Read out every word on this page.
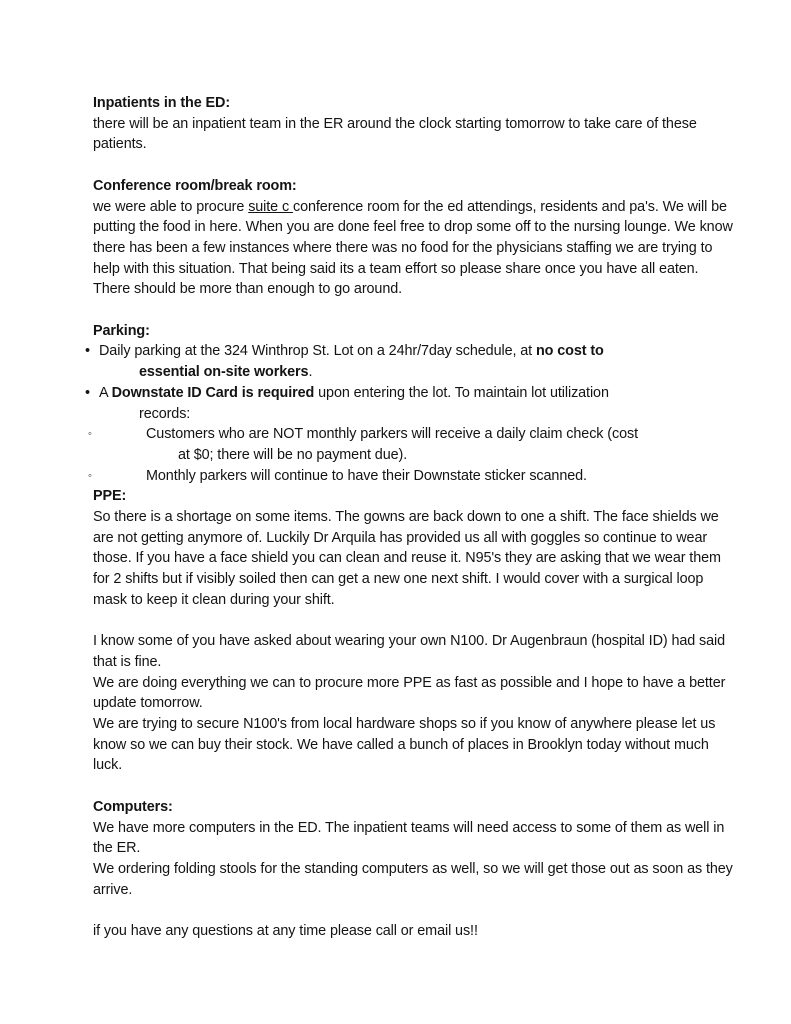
Inpatients in the ED:

there will be an inpatient team in the ER around the clock starting tomorrow to take care of these patients.

Conference room/break room:

we were able to procure suite c conference room for the ed attendings, residents and pa's. We will be putting the food in here. When you are done feel free to drop some off to the nursing lounge. We know there has been a few instances where there was no food for the physicians staffing we are trying to help with this situation. That being said its a team effort so please share once you have all eaten. There should be more than enough to go around.

Parking:
• Daily parking at the 324 Winthrop St. Lot on a 24hr/7day schedule, at no cost to
essential on-site workers.
• A Downstate ID Card is required upon entering the lot. To maintain lot utilization
records:
◦	Customers who are NOT monthly parkers will receive a daily claim check (cost
at $0; there will be no payment due).
◦	Monthly parkers will continue to have their Downstate sticker scanned.
PPE:

So there is a shortage on some items. The gowns are back down to one a shift. The face shields we are not getting anymore of. Luckily Dr Arquila has provided us all with goggles so continue to wear those. If you have a face shield you can clean and reuse it. N95's they are asking that we wear them for 2 shifts but if visibly soiled then can get a new one next shift. I would cover with a surgical loop mask to keep it clean during your shift.

I know some of you have asked about wearing your own N100. Dr Augenbraun (hospital ID) had said that is fine.

We are doing everything we can to procure more PPE as fast as possible and I hope to have a better update tomorrow.

We are trying to secure N100's from local hardware shops so if you know of anywhere please let us know so we can buy their stock. We have called a bunch of places in Brooklyn today without much luck.

Computers:

We have more computers in the ED. The inpatient teams will need access to some of them as well in the ER.

We ordering folding stools for the standing computers as well, so we will get those out as soon as they arrive.

if you have any questions at any time please call or email us!!
